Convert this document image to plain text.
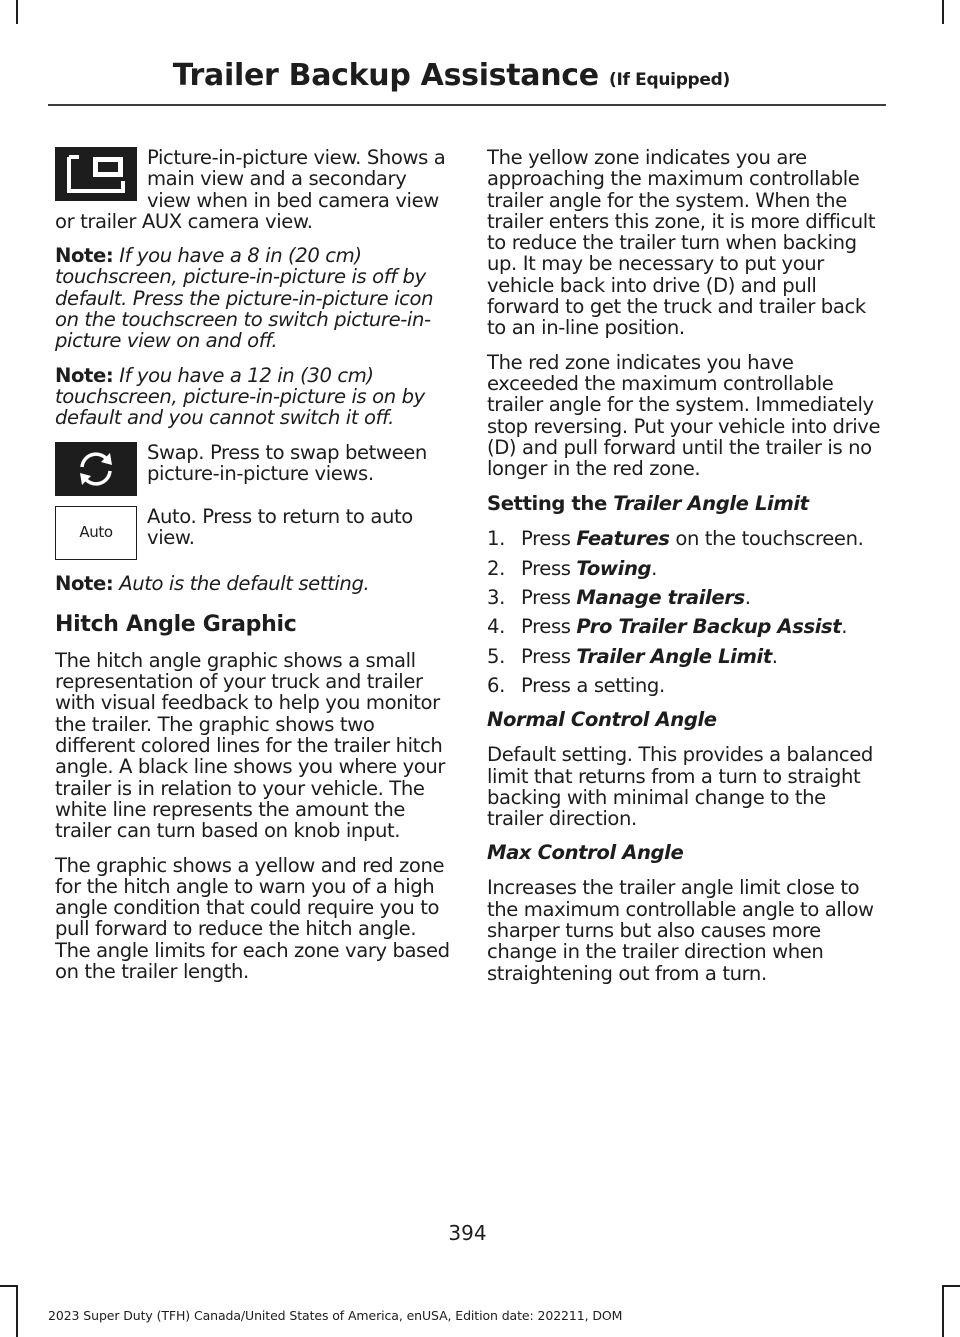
Trailer Backup Assistance (If Equipped)
Picture-in-picture view. Shows a main view and a secondary view when in bed camera view or trailer AUX camera view.

Note: If you have a 8 in (20 cm) touchscreen, picture-in-picture is off by default. Press the picture-in-picture icon on the touchscreen to switch picture-in-picture view on and off.

Note: If you have a 12 in (30 cm) touchscreen, picture-in-picture is on by default and you cannot switch it off.

Swap. Press to swap between picture-in-picture views.
Auto
Auto. Press to return to auto view.

Note: Auto is the default setting.

Hitch Angle Graphic

The hitch angle graphic shows a small representation of your truck and trailer with visual feedback to help you monitor the trailer. The graphic shows two different colored lines for the trailer hitch angle. A black line shows you where your trailer is in relation to your vehicle. The white line represents the amount the trailer can turn based on knob input.

The graphic shows a yellow and red zone for the hitch angle to warn you of a high angle condition that could require you to pull forward to reduce the hitch angle. The angle limits for each zone vary based on the trailer length.

The yellow zone indicates you are approaching the maximum controllable trailer angle for the system. When the trailer enters this zone, it is more difficult to reduce the trailer turn when backing up. It may be necessary to put your vehicle back into drive (D) and pull forward to get the truck and trailer back to an in-line position.

The red zone indicates you have exceeded the maximum controllable trailer angle for the system. Immediately stop reversing. Put your vehicle into drive (D) and pull forward until the trailer is no longer in the red zone.

Setting the Trailer Angle Limit
1. Press Features on the touchscreen.
2. Press Towing.
3. Press Manage trailers.
4. Press Pro Trailer Backup Assist.
5. Press Trailer Angle Limit.
6. Press a setting.
Normal Control Angle

Default setting. This provides a balanced limit that returns from a turn to straight backing with minimal change to the trailer direction.

Max Control Angle

Increases the trailer angle limit close to the maximum controllable angle to allow sharper turns but also causes more change in the trailer direction when straightening out from a turn.

394
2023 Super Duty (TFH) Canada/United States of America, enUSA, Edition date: 202211, DOM
